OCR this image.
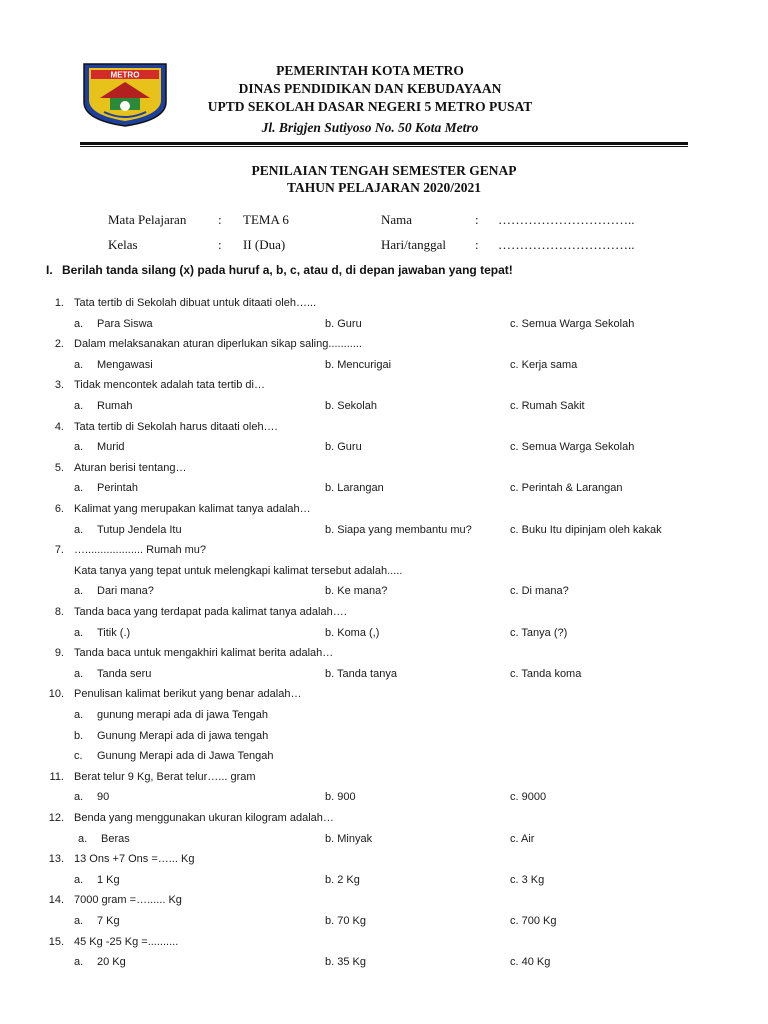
METRO	PEMERINTAH KOTA METRO
DINAS PENDIDIKAN DAN KEBUDAYAAN
UPTD SEKOLAH DASAR NEGERI 5 METRO PUSAT
Jl. Brigjen Sutiyoso No. 50 Kota Metro
PENILAIAN TENGAH SEMESTER GENAP
TAHUN PELAJARAN 2020/2021
Mata Pelajaran : TEMA 6	Nama	: …………………………..
Kelas	: II (Dua)	Hari/tanggal : …………………………..
I. Berilah tanda silang (x) pada huruf a, b, c, atau d, di depan jawaban yang tepat!
1. Tata tertib di Sekolah dibuat untuk ditaati oleh…...
a. Para Siswa	b. Guru	c. Semua Warga Sekolah
2. Dalam melaksanakan aturan diperlukan sikap saling...........
a. Mengawasi	b. Mencurigai	c. Kerja sama
3. Tidak mencontek adalah tata tertib di…
a. Rumah	b. Sekolah	c. Rumah Sakit
4. Tata tertib di Sekolah harus ditaati oleh….
a. Murid	b. Guru	c. Semua Warga Sekolah
5. Aturan berisi tentang…
a. Perintah	b. Larangan	c. Perintah & Larangan
6. Kalimat yang merupakan kalimat tanya adalah…
a. Tutup Jendela Itu	b. Siapa yang membantu mu?	c. Buku Itu dipinjam oleh kakak
7. …................... Rumah mu?
Kata tanya yang tepat untuk melengkapi kalimat tersebut adalah.....
a. Dari mana?	b. Ke mana?	c. Di mana?
8. Tanda baca yang terdapat pada kalimat tanya adalah….
a. Titik (.)	b. Koma (,)	c. Tanya (?)
9. Tanda baca untuk mengakhiri kalimat berita adalah…
a. Tanda seru	b. Tanda tanya	c. Tanda koma
10. Penulisan kalimat berikut yang benar adalah…
a. gunung merapi ada di jawa Tengah
b. Gunung Merapi ada di jawa tengah
c. Gunung Merapi ada di Jawa Tengah
11. Berat telur 9 Kg, Berat telur…... gram
a. 90	b. 900	c. 9000
12. Benda yang menggunakan ukuran kilogram adalah…
a. Beras	b. Minyak	c. Air
13. 13 Ons +7 Ons =…... Kg
a. 1 Kg	b. 2 Kg	c. 3 Kg
14. 7000 gram =…...... Kg
a. 7 Kg	b. 70 Kg	c. 700 Kg
15. 45 Kg -25 Kg =..........
a. 20 Kg	b. 35 Kg	c. 40 Kg
